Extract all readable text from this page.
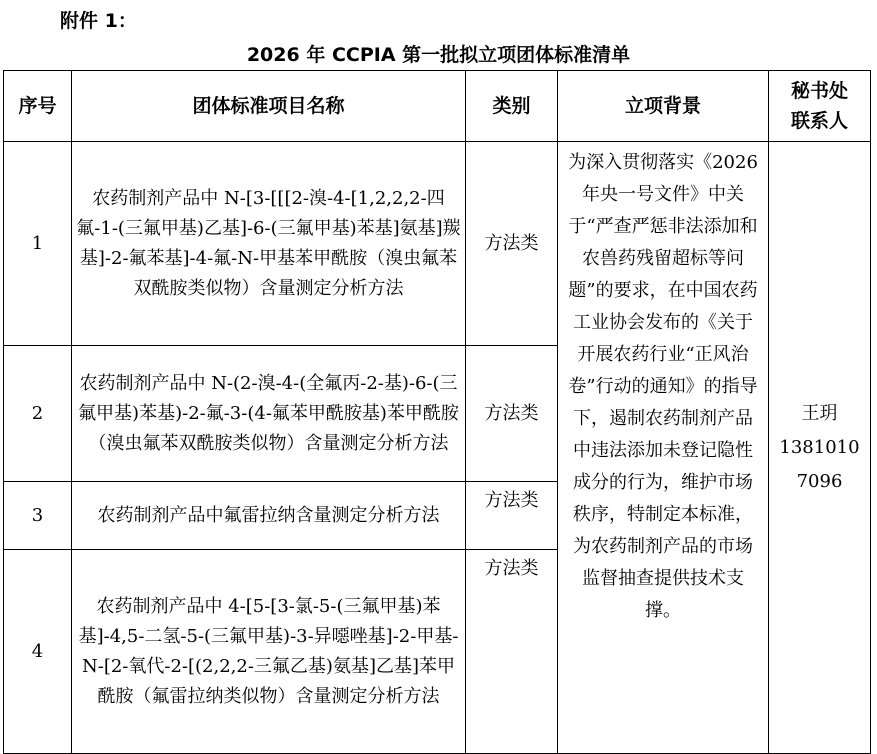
附件 1：
2026 年 CCPIA 第一批拟立项团体标准清单
序号	团体标准项目名称	类别	立项背景	秘书处联系人
1	农药制剂产品中 N-[3-[[[2-溴-4-[1,2,2,2-四氟-1-(三氟甲基)乙基]-6-(三氟甲基)苯基]氨基]羰基]-2-氟苯基]-4-氟-N-甲基苯甲酰胺（溴虫氟苯双酰胺类似物）含量测定分析方法	方法类	为深入贯彻落实《2026 年央一号文件》中关于“严查严惩非法添加和农兽药残留超标等问题”的要求，在中国农药工业协会发布的《关于开展农药行业“正风治卷”行动的通知》的指导下，遏制农药制剂产品中违法添加未登记隐性成分的行为，维护市场秩序，特制定本标准，为农药制剂产品的市场监督抽查提供技术支撑。	王玥
13810107096

2	农药制剂产品中 N-(2-溴-4-(全氟丙-2-基)-6-(三氟甲基)苯基)-2-氟-3-(4-氟苯甲酰胺基)苯甲酰胺（溴虫氟苯双酰胺类似物）含量测定分析方法	方法类		
3	农药制剂产品中氟雷拉纳含量测定分析方法	方法类		
4	农药制剂产品中 4-[5-[3-氯-5-(三氟甲基)苯基]-4,5-二氢-5-(三氟甲基)-3-异噁唑基]-2-甲基-N-[2-氧代-2-[(2,2,2-三氟乙基)氨基]乙基]苯甲酰胺（氟雷拉纳类似物）含量测定分析方法	方法类		
